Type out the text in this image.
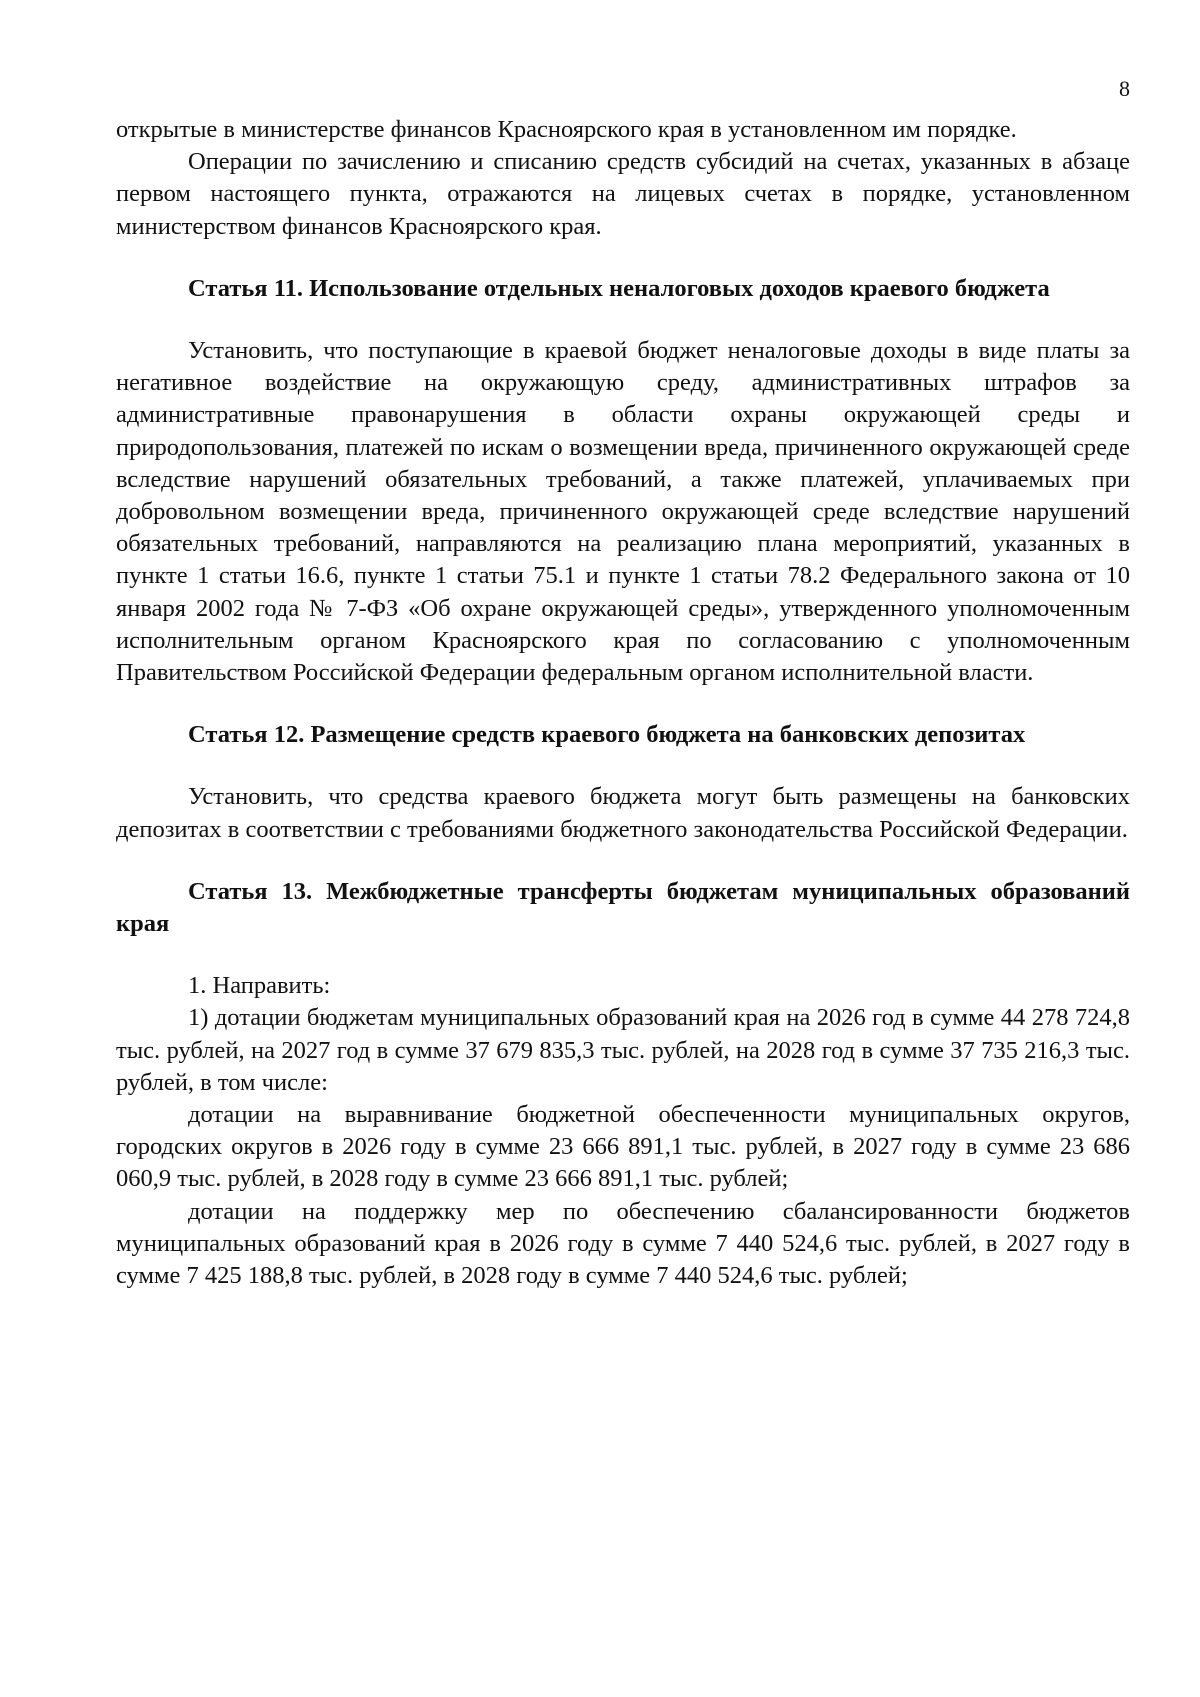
8

открытые в министерстве финансов Красноярского края в установленном им порядке.

Операции по зачислению и списанию средств субсидий на счетах, указанных в абзаце первом настоящего пункта, отражаются на лицевых счетах в порядке, установленном министерством финансов Красноярского края.

Статья 11. Использование отдельных неналоговых доходов краевого бюджета

Установить, что поступающие в краевой бюджет неналоговые доходы в виде платы за негативное воздействие на окружающую среду, административных штрафов за административные правонарушения в области охраны окружающей среды и природопользования, платежей по искам о возмещении вреда, причиненного окружающей среде вследствие нарушений обязательных требований, а также платежей, уплачиваемых при добровольном возмещении вреда, причиненного окружающей среде вследствие нарушений обязательных требований, направляются на реализацию плана мероприятий, указанных в пункте 1 статьи 16.6, пункте 1 статьи 75.1 и пункте 1 статьи 78.2 Федерального закона от 10 января 2002 года № 7-ФЗ «Об охране окружающей среды», утвержденного уполномоченным исполнительным органом Красноярского края по согласованию с уполномоченным Правительством Российской Федерации федеральным органом исполнительной власти.

Статья 12. Размещение средств краевого бюджета на банковских депозитах

Установить, что средства краевого бюджета могут быть размещены на банковских депозитах в соответствии с требованиями бюджетного законодательства Российской Федерации.

Статья 13. Межбюджетные трансферты бюджетам муниципальных образований края

1. Направить:

1) дотации бюджетам муниципальных образований края на 2026 год в сумме 44 278 724,8 тыс. рублей, на 2027 год в сумме 37 679 835,3 тыс. рублей, на 2028 год в сумме 37 735 216,3 тыс. рублей, в том числе:

дотации на выравнивание бюджетной обеспеченности муниципальных округов, городских округов в 2026 году в сумме 23 666 891,1 тыс. рублей, в 2027 году в сумме 23 686 060,9 тыс. рублей, в 2028 году в сумме 23 666 891,1 тыс. рублей;

дотации на поддержку мер по обеспечению сбалансированности бюджетов муниципальных образований края в 2026 году в сумме 7 440 524,6 тыс. рублей, в 2027 году в сумме 7 425 188,8 тыс. рублей, в 2028 году в сумме 7 440 524,6 тыс. рублей;
